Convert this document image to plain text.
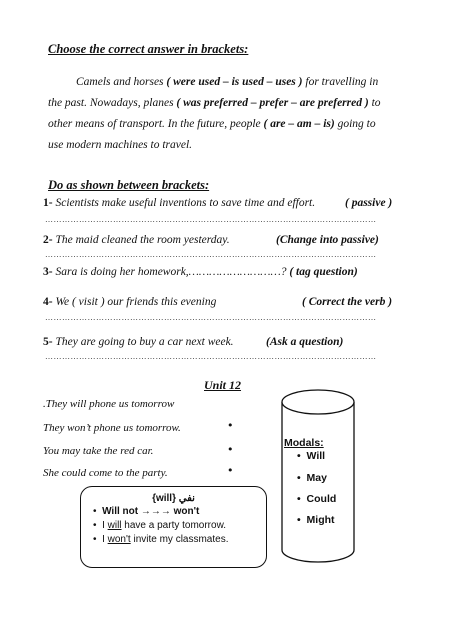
Choose the correct answer in brackets:
Camels and horses ( were used – is used – uses ) for travelling in
the past. Nowadays, planes ( was preferred – prefer – are preferred ) to
other means of transport. In the future, people ( are – am – is) going to
use modern machines to travel.
Do as shown between brackets:
1- Scientists make useful inventions to save time and effort.	( passive )
………………………………………………………………………………………………………
2- The maid cleaned the room yesterday.	(Change into passive)
………………………………………………………………………………………………………
3- Sara is doing her homework,………………………? ( tag question)
4- We ( visit ) our friends this evening	( Correct the verb )
………………………………………………………………………………………………………
5- They are going to buy a car next week.	(Ask a question)
………………………………………………………………………………………………………
Unit 12
.They will phone us tomorrow
They won’t phone us tomorrow.
You may take the red car.
She could come to the party.
•
•
•
{will} نفي
• Will not →→→ won't
• I will have a party tomorrow.
• I won't invite my classmates.
Modals:
• Will
• May
• Could
• Might
